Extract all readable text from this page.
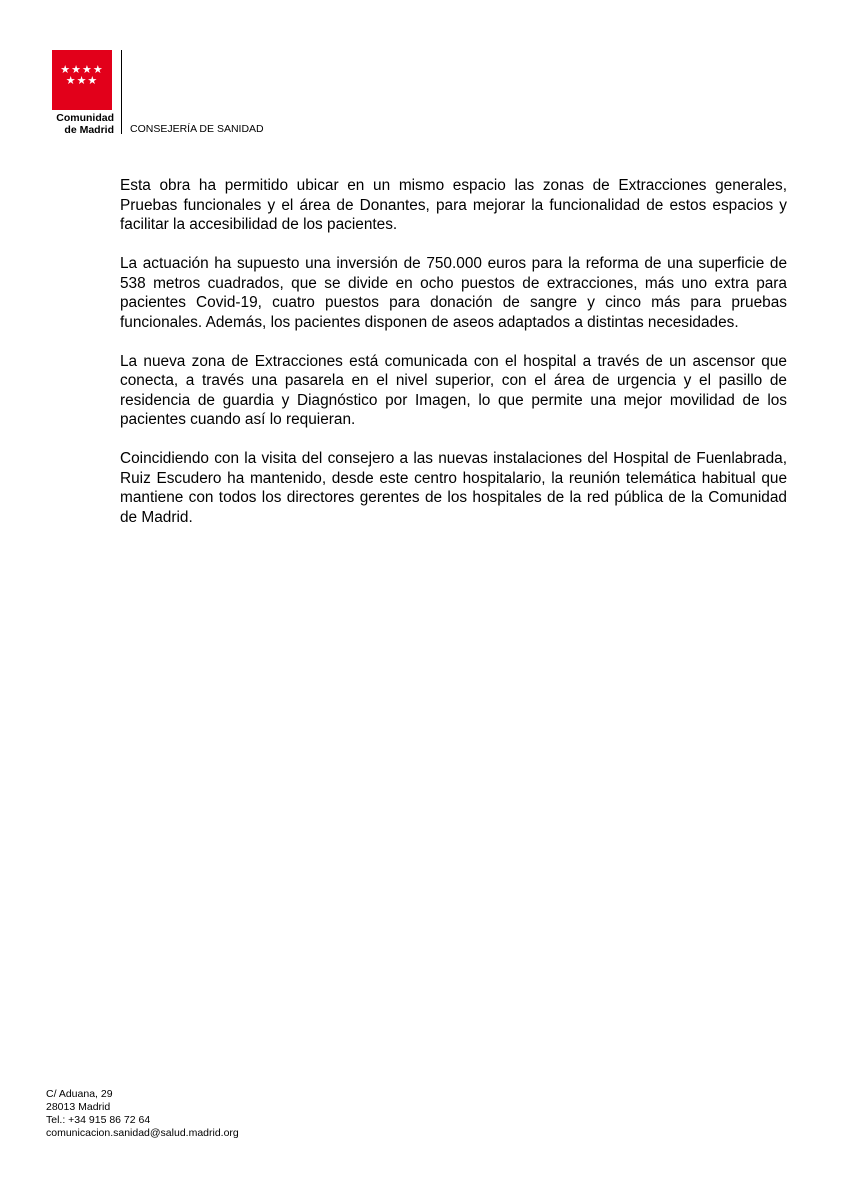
★★★★
★★★
Comunidad
de Madrid CONSEJERÍA DE SANIDAD

Esta obra ha permitido ubicar en un mismo espacio las zonas de Extracciones generales, Pruebas funcionales y el área de Donantes, para mejorar la funcionalidad de estos espacios y facilitar la accesibilidad de los pacientes.

La actuación ha supuesto una inversión de 750.000 euros para la reforma de una superficie de 538 metros cuadrados, que se divide en ocho puestos de extracciones, más uno extra para pacientes Covid-19, cuatro puestos para donación de sangre y cinco más para pruebas funcionales. Además, los pacientes disponen de aseos adaptados a distintas necesidades.

La nueva zona de Extracciones está comunicada con el hospital a través de un ascensor que conecta, a través una pasarela en el nivel superior, con el área de urgencia y el pasillo de residencia de guardia y Diagnóstico por Imagen, lo que permite una mejor movilidad de los pacientes cuando así lo requieran.

Coincidiendo con la visita del consejero a las nuevas instalaciones del Hospital de Fuenlabrada, Ruiz Escudero ha mantenido, desde este centro hospitalario, la reunión telemática habitual que mantiene con todos los directores gerentes de los hospitales de la red pública de la Comunidad de Madrid.

C/ Aduana, 29
28013 Madrid
Tel.: +34 915 86 72 64
comunicacion.sanidad@salud.madrid.org
